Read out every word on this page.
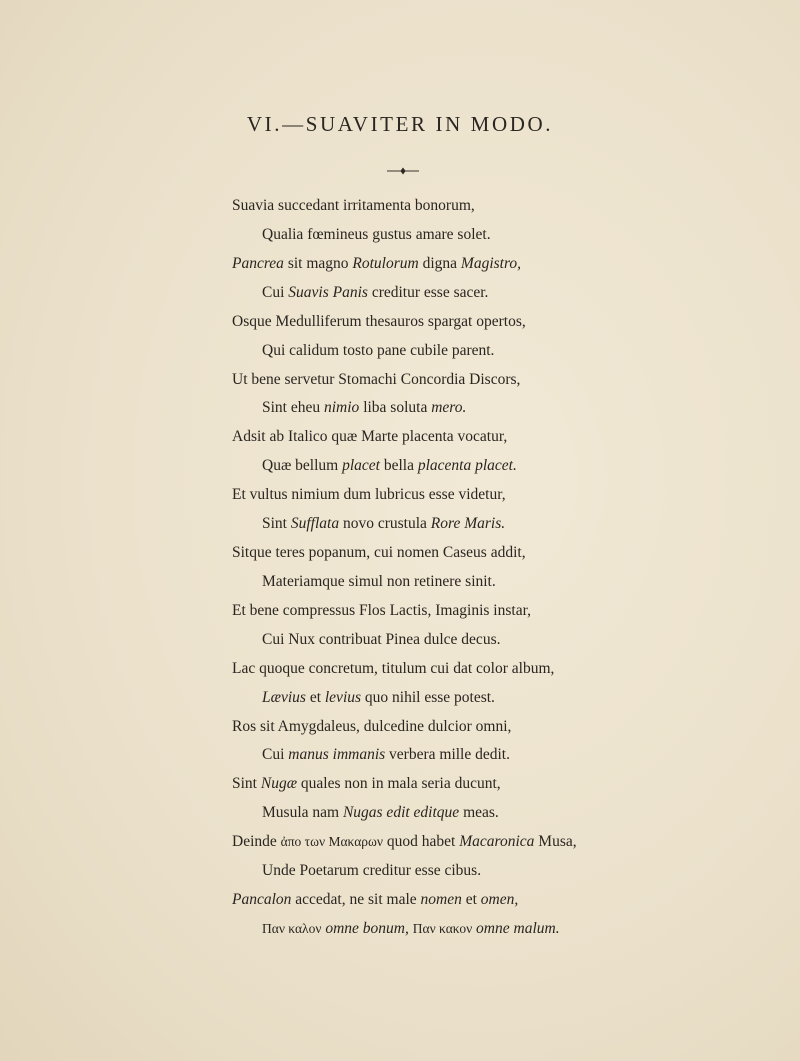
VI.—SUAVITER IN MODO.
Suavia succedant irritamenta bonorum,
Qualia fœmineus gustus amare solet.
Pancrea sit magno Rotulorum digna Magistro,
Cui Suavis Panis creditur esse sacer.
Osque Medulliferum thesauros spargat opertos,
Qui calidum tosto pane cubile parent.
Ut bene servetur Stomachi Concordia Discors,
Sint eheu nimio liba soluta mero.
Adsit ab Italico quæ Marte placenta vocatur,
Quæ bellum placet bella placenta placet.
Et vultus nimium dum lubricus esse videtur,
Sint Sufflata novo crustula Rore Maris.
Sitque teres popanum, cui nomen Caseus addit,
Materiamque simul non retinere sinit.
Et bene compressus Flos Lactis, Imaginis instar,
Cui Nux contribuat Pinea dulce decus.
Lac quoque concretum, titulum cui dat color album,
Lævius et levius quo nihil esse potest.
Ros sit Amygdaleus, dulcedine dulcior omni,
Cui manus immanis verbera mille dedit.
Sint Nugæ quales non in mala seria ducunt,
Musula nam Nugas edit editque meas.
Deinde ἀπο των Μακαρων quod habet Macaronica Musa,
Unde Poetarum creditur esse cibus.
Pancalon accedat, ne sit male nomen et omen,
Παν καλον omne bonum, Παν κακον omne malum.
